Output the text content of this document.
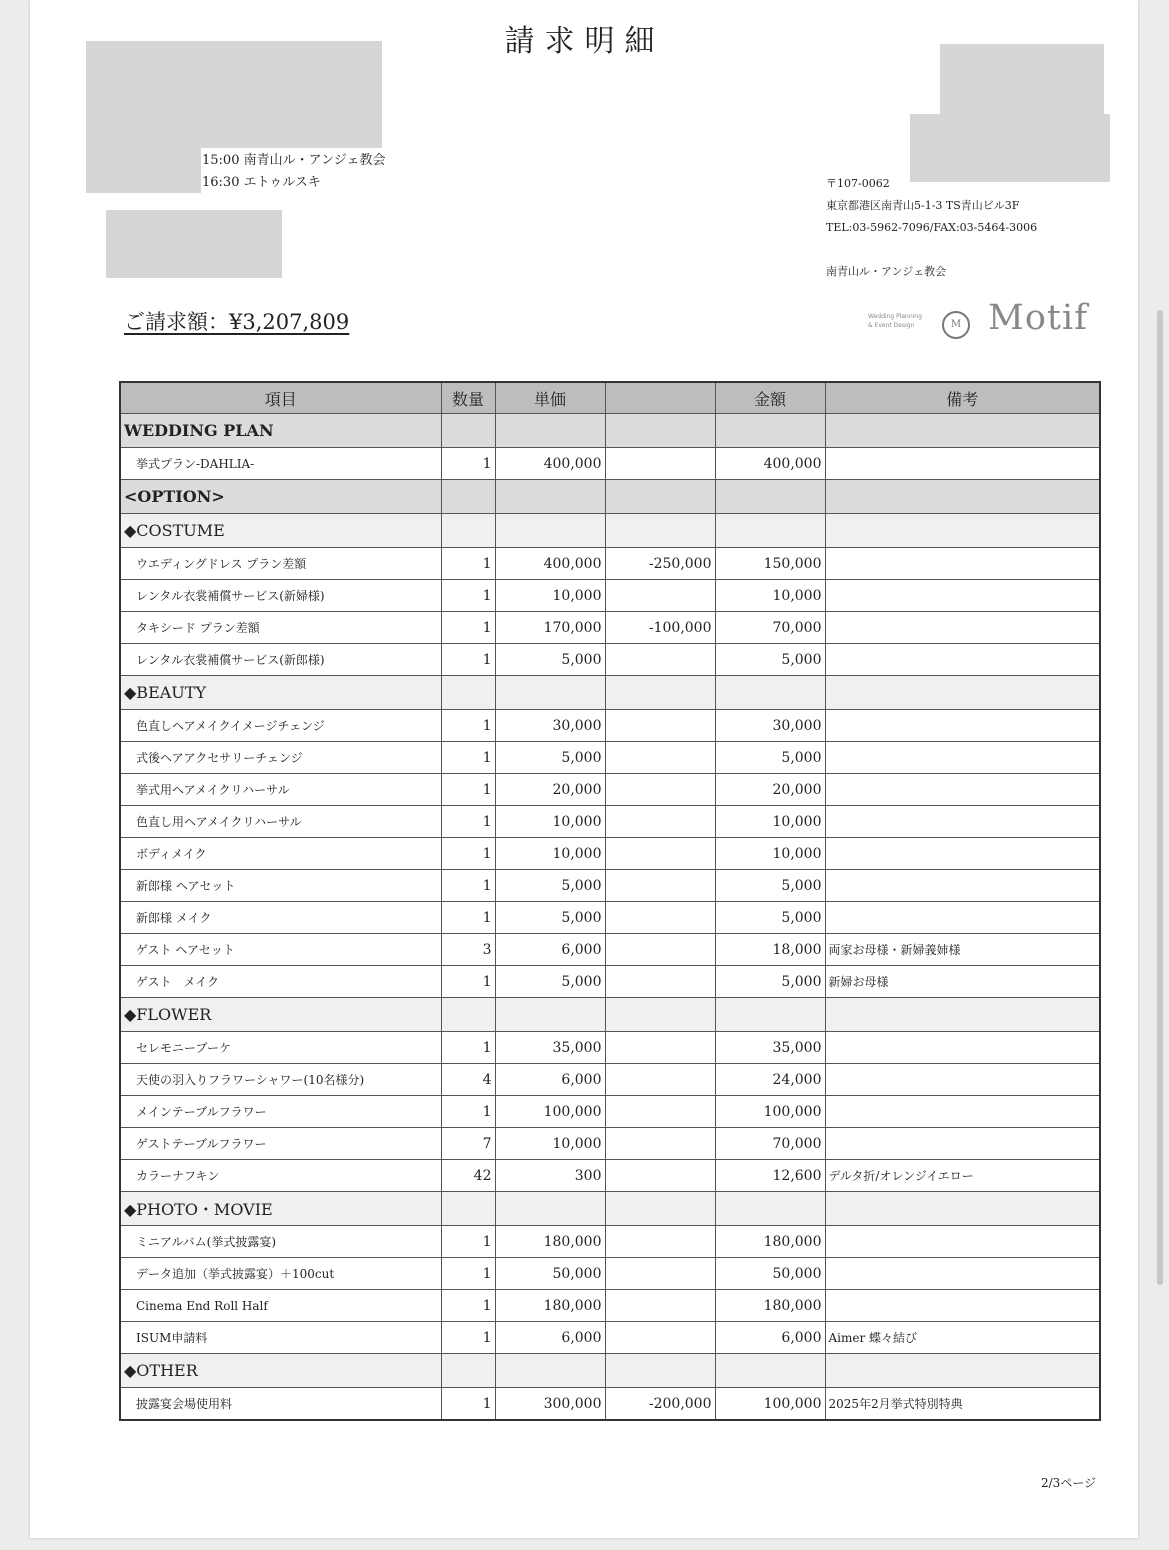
請求明細
15:00 南青山ル・アンジェ教会
16:30 エトゥルスキ	〒107-0062
東京都港区南青山5-1-3 TS青山ビル3F
TEL:03-5962-7096/FAX:03-5464-3006
南青山ル・アンジェ教会
ご請求額：¥3,207,809	Wedding Planning
& Event Design	M Motif
項目	数量	単価		金額	備考
WEDDING PLAN					
挙式プラン-DAHLIA-	1	400,000		400,000	
<OPTION>					
◆COSTUME					
ウエディングドレス プラン差額	1	400,000	-250,000	150,000	
レンタル衣裳補償サービス(新婦様)	1	10,000		10,000	
タキシード プラン差額	1	170,000	-100,000	70,000	
レンタル衣裳補償サービス(新郎様)	1	5,000		5,000	
◆BEAUTY					
色直しヘアメイクイメージチェンジ	1	30,000		30,000	
式後ヘアアクセサリーチェンジ	1	5,000		5,000	
挙式用ヘアメイクリハーサル	1	20,000		20,000	
色直し用ヘアメイクリハーサル	1	10,000		10,000	
ボディメイク	1	10,000		10,000	
新郎様 ヘアセット	1	5,000		5,000	
新郎様 メイク	1	5,000		5,000	
ゲスト ヘアセット	3	6,000		18,000	両家お母様・新婦義姉様
ゲスト　メイク	1	5,000		5,000	新婦お母様
◆FLOWER					
セレモニーブーケ	1	35,000		35,000	
天使の羽入りフラワーシャワー(10名様分)	4	6,000		24,000	
メインテーブルフラワー	1	100,000		100,000	
ゲストテーブルフラワー	7	10,000		70,000	
カラーナフキン	42	300		12,600	デルタ折/オレンジイエロー
◆PHOTO・MOVIE					
ミニアルバム(挙式披露宴)	1	180,000		180,000	
データ追加（挙式披露宴）＋100cut	1	50,000		50,000	
Cinema End Roll Half	1	180,000		180,000	
ISUM申請料	1	6,000		6,000	Aimer 蝶々結び
◆OTHER					
披露宴会場使用料	1	300,000	-200,000	100,000	2025年2月挙式特別特典
2/3ページ
